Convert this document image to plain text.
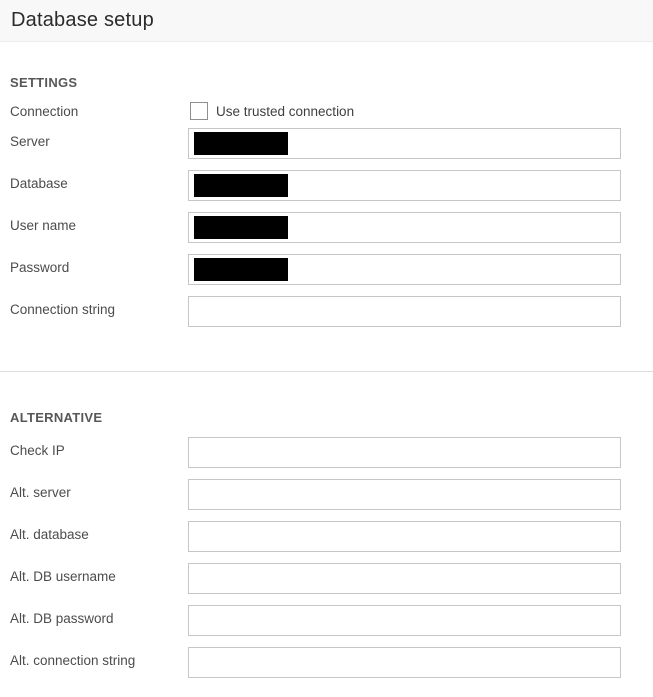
Database setup
SETTINGS
Connection	Use trusted connection
Server
Database
User name
Password
Connection string
ALTERNATIVE
Check IP
Alt. server
Alt. database
Alt. DB username
Alt. DB password
Alt. connection string
